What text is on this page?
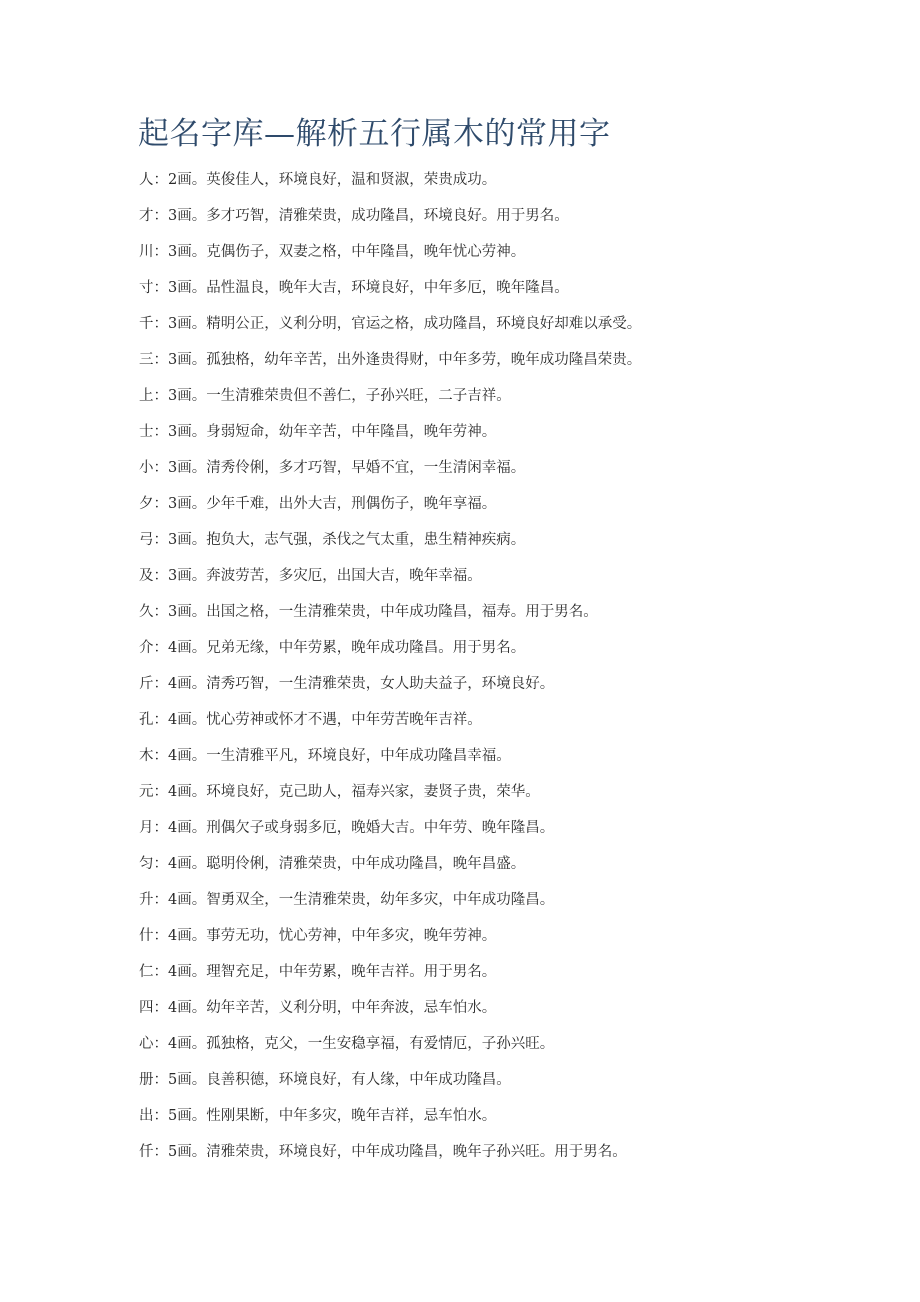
起名字库—解析五行属木的常用字
人：2画。英俊佳人，环境良好，温和贤淑，荣贵成功。
才：3画。多才巧智，清雅荣贵，成功隆昌，环境良好。用于男名。
川：3画。克偶伤子，双妻之格，中年隆昌，晚年忧心劳神。
寸：3画。品性温良，晚年大吉，环境良好，中年多厄，晚年隆昌。
千：3画。精明公正，义利分明，官运之格，成功隆昌，环境良好却难以承受。
三：3画。孤独格，幼年辛苦，出外逢贵得财，中年多劳，晚年成功隆昌荣贵。
上：3画。一生清雅荣贵但不善仁，子孙兴旺，二子吉祥。
士：3画。身弱短命，幼年辛苦，中年隆昌，晚年劳神。
小：3画。清秀伶俐，多才巧智，早婚不宜，一生清闲幸福。
夕：3画。少年千难，出外大吉，刑偶伤子，晚年享福。
弓：3画。抱负大，志气强，杀伐之气太重，患生精神疾病。
及：3画。奔波劳苦，多灾厄，出国大吉，晚年幸福。
久：3画。出国之格，一生清雅荣贵，中年成功隆昌，福寿。用于男名。
介：4画。兄弟无缘，中年劳累，晚年成功隆昌。用于男名。
斤：4画。清秀巧智，一生清雅荣贵，女人助夫益子，环境良好。
孔：4画。忧心劳神或怀才不遇，中年劳苦晚年吉祥。
木：4画。一生清雅平凡，环境良好，中年成功隆昌幸福。
元：4画。环境良好，克己助人，福寿兴家，妻贤子贵，荣华。
月：4画。刑偶欠子或身弱多厄，晚婚大吉。中年劳、晚年隆昌。
匀：4画。聪明伶俐，清雅荣贵，中年成功隆昌，晚年昌盛。
升：4画。智勇双全，一生清雅荣贵，幼年多灾，中年成功隆昌。
什：4画。事劳无功，忧心劳神，中年多灾，晚年劳神。
仁：4画。理智充足，中年劳累，晚年吉祥。用于男名。
四：4画。幼年辛苦，义利分明，中年奔波，忌车怕水。
心：4画。孤独格，克父，一生安稳享福，有爱情厄，子孙兴旺。
册：5画。良善积德，环境良好，有人缘，中年成功隆昌。
出：5画。性刚果断，中年多灾，晚年吉祥，忌车怕水。
仟：5画。清雅荣贵，环境良好，中年成功隆昌，晚年子孙兴旺。用于男名。
